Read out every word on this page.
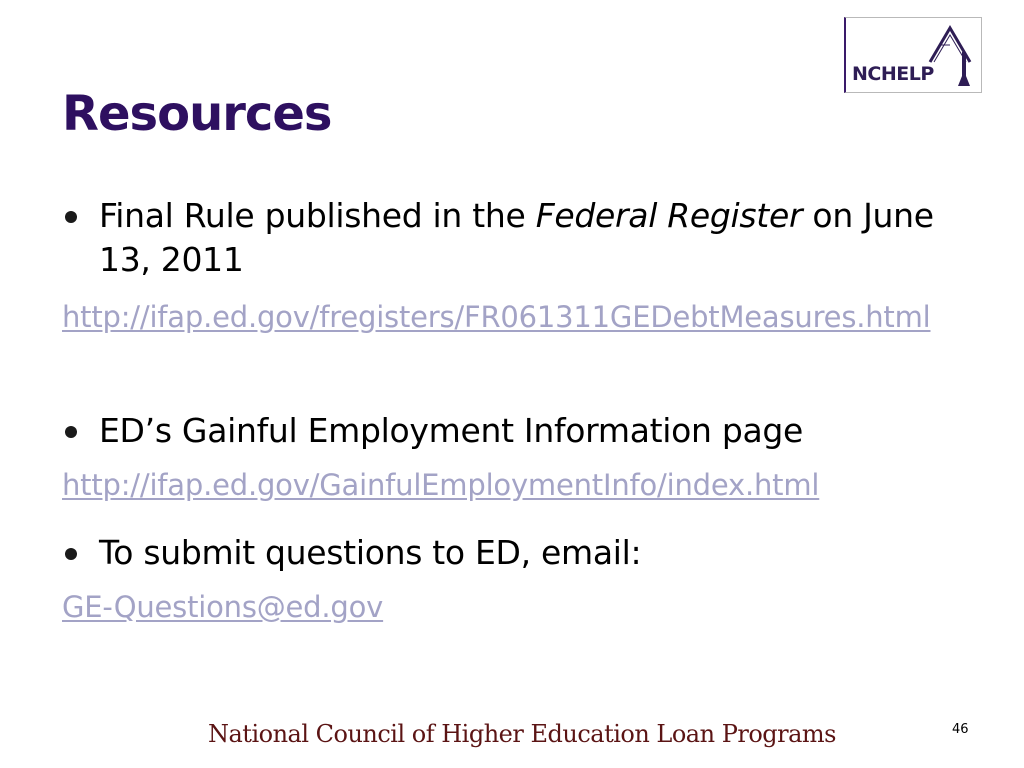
NCHELP
Resources
Final Rule published in the Federal Register on June 13, 2011
http://ifap.ed.gov/fregisters/FR061311GEDebtMeasures.html
ED’s Gainful Employment Information page
http://ifap.ed.gov/GainfulEmploymentInfo/index.html
To submit questions to ED, email:
GE-Questions@ed.gov
National Council of Higher Education Loan Programs	46
